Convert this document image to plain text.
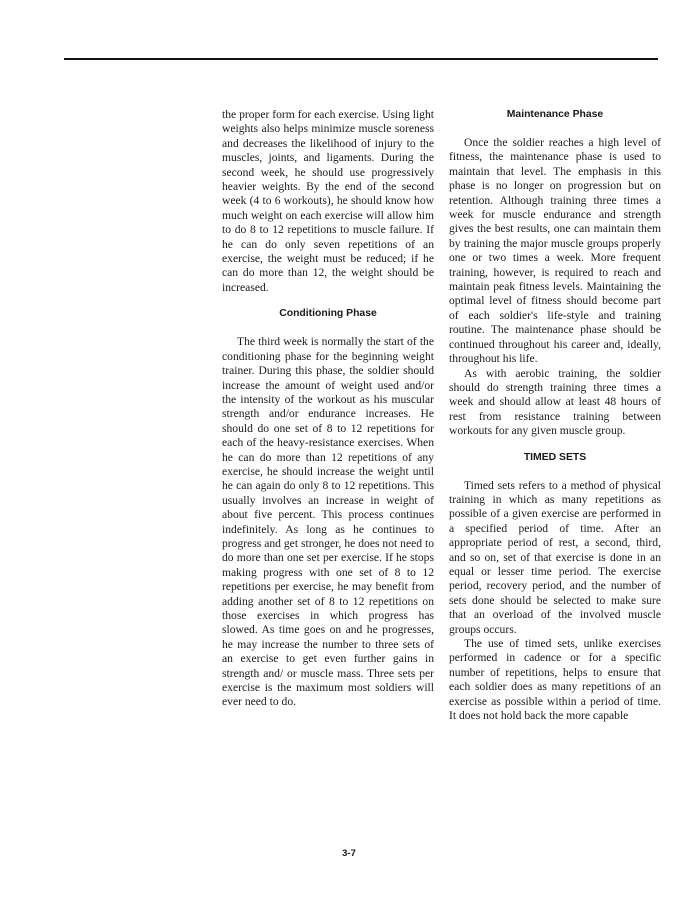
the proper form for each exercise. Using light weights also helps minimize muscle soreness and decreases the likelihood of injury to the muscles, joints, and ligaments. During the second week, he should use progressively heavier weights. By the end of the second week (4 to 6 workouts), he should know how much weight on each exercise will allow him to do 8 to 12 repetitions to muscle failure. If he can do only seven repetitions of an exercise, the weight must be reduced; if he can do more than 12, the weight should be increased.

Conditioning Phase

The third week is normally the start of the conditioning phase for the beginning weight trainer. During this phase, the soldier should increase the amount of weight used and/or the intensity of the workout as his muscular strength and/or endurance increases. He should do one set of 8 to 12 repetitions for each of the heavy-resistance exercises. When he can do more than 12 repetitions of any exercise, he should increase the weight until he can again do only 8 to 12 repetitions. This usually involves an increase in weight of about five percent. This process continues indefinitely. As long as he continues to progress and get stronger, he does not need to do more than one set per exercise. If he stops making progress with one set of 8 to 12 repetitions per exercise, he may benefit from adding another set of 8 to 12 repetitions on those exercises in which progress has slowed. As time goes on and he progresses, he may increase the number to three sets of an exercise to get even further gains in strength and/ or muscle mass. Three sets per exercise is the maximum most soldiers will ever need to do.

Maintenance Phase

Once the soldier reaches a high level of fitness, the maintenance phase is used to maintain that level. The emphasis in this phase is no longer on progression but on retention. Although training three times a week for muscle endurance and strength gives the best results, one can maintain them by training the major muscle groups properly one or two times a week. More frequent training, however, is required to reach and maintain peak fitness levels. Maintaining the optimal level of fitness should become part of each soldier's life-style and training routine. The maintenance phase should be continued throughout his career and, ideally, throughout his life.

As with aerobic training, the soldier should do strength training three times a week and should allow at least 48 hours of rest from resistance training between workouts for any given muscle group.

TIMED SETS

Timed sets refers to a method of physical training in which as many repetitions as possible of a given exercise are performed in a specified period of time. After an appropriate period of rest, a second, third, and so on, set of that exercise is done in an equal or lesser time period. The exercise period, recovery period, and the number of sets done should be selected to make sure that an overload of the involved muscle groups occurs.

The use of timed sets, unlike exercises performed in cadence or for a specific number of repetitions, helps to ensure that each soldier does as many repetitions of an exercise as possible within a period of time. It does not hold back the more capable

3-7
